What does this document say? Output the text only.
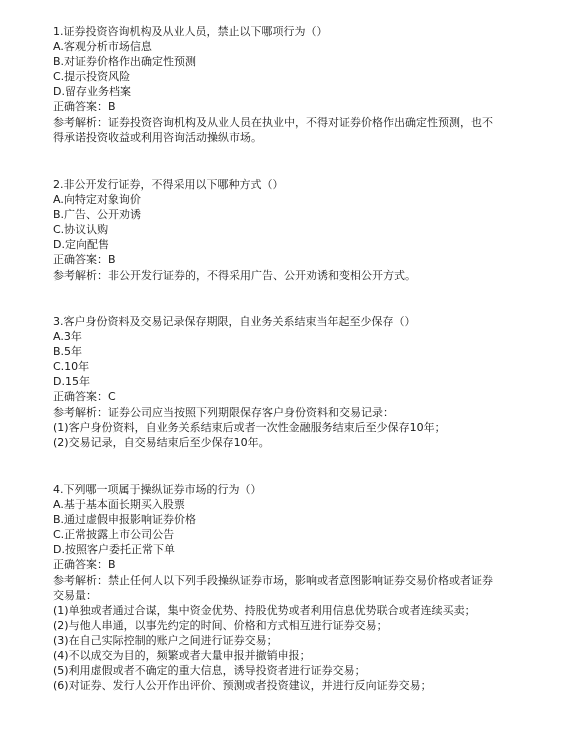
1.证券投资咨询机构及从业人员，禁止以下哪项行为（）
A.客观分析市场信息
B.对证券价格作出确定性预测
C.提示投资风险
D.留存业务档案
正确答案：B
参考解析：证券投资咨询机构及从业人员在执业中，不得对证券价格作出确定性预测，也不
得承诺投资收益或利用咨询活动操纵市场。
2.非公开发行证券，不得采用以下哪种方式（）
A.向特定对象询价
B.广告、公开劝诱
C.协议认购
D.定向配售
正确答案：B
参考解析：非公开发行证券的，不得采用广告、公开劝诱和变相公开方式。
3.客户身份资料及交易记录保存期限，自业务关系结束当年起至少保存（）
A.3年
B.5年
C.10年
D.15年
正确答案：C
参考解析：证券公司应当按照下列期限保存客户身份资料和交易记录：
(1)客户身份资料，自业务关系结束后或者一次性金融服务结束后至少保存10年；
(2)交易记录，自交易结束后至少保存10年。
4.下列哪一项属于操纵证券市场的行为（）
A.基于基本面长期买入股票
B.通过虚假申报影响证券价格
C.正常披露上市公司公告
D.按照客户委托正常下单
正确答案：B
参考解析：禁止任何人以下列手段操纵证券市场，影响或者意图影响证券交易价格或者证券
交易量：
(1)单独或者通过合谋，集中资金优势、持股优势或者利用信息优势联合或者连续买卖；
(2)与他人串通，以事先约定的时间、价格和方式相互进行证券交易；
(3)在自己实际控制的账户之间进行证券交易；
(4)不以成交为目的，频繁或者大量申报并撤销申报；
(5)利用虚假或者不确定的重大信息，诱导投资者进行证券交易；
(6)对证券、发行人公开作出评价、预测或者投资建议，并进行反向证券交易；
